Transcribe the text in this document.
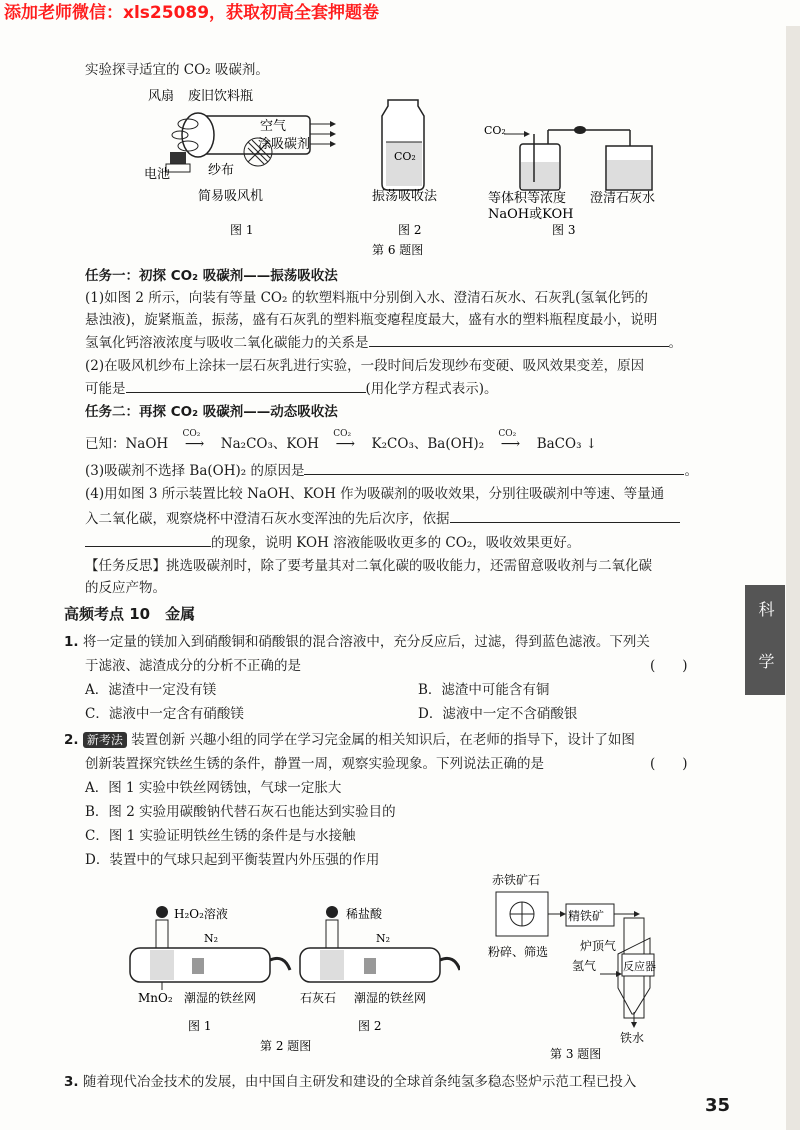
添加老师微信：xls25089，获取初高全套押题卷
实验探寻适宜的 CO₂ 吸碳剂。
风扇 废旧饮料瓶
空气
涂吸碳剂
纱布
电池
简易吸风机
CO₂
振荡吸收法
CO₂
等体积等浓度
NaOH或KOH
澄清石灰水
图 1	图 2	图 3
第 6 题图
任务一：初探 CO₂ 吸碳剂——振荡吸收法
(1)如图 2 所示，向装有等量 CO₂ 的软塑料瓶中分别倒入水、澄清石灰水、石灰乳(氢氧化钙的
悬浊液)，旋紧瓶盖，振荡，盛有石灰乳的塑料瓶变瘪程度最大，盛有水的塑料瓶程度最小，说明
氢氧化钙溶液浓度与吸收二氧化碳能力的关系是	。
(2)在吸风机纱布上涂抹一层石灰乳进行实验，一段时间后发现纱布变硬、吸风效果变差，原因
可能是	(用化学方程式表示)。
任务二：再探 CO₂ 吸碳剂——动态吸收法
已知：NaOH
CO₂
⟶ Na₂CO₃、KOH
CO₂
⟶ K₂CO₃、Ba(OH)₂
CO₂
⟶ BaCO₃ ↓
(3)吸碳剂不选择 Ba(OH)₂ 的原因是	。
(4)用如图 3 所示装置比较 NaOH、KOH 作为吸碳剂的吸收效果，分别往吸碳剂中等速、等量通
入二氧化碳，观察烧杯中澄清石灰水变浑浊的先后次序，依据
的现象，说明 KOH 溶液能吸收更多的 CO₂，吸收效果更好。
【任务反思】挑选吸碳剂时，除了要考量其对二氧化碳的吸收能力，还需留意吸收剂与二氧化碳
的反应产物。
高频考点 10　金属
1. 将一定量的镁加入到硝酸铜和硝酸银的混合溶液中，充分反应后，过滤，得到蓝色滤液。下列关
于滤液、滤渣成分的分析不正确的是	(　　)
A．滤渣中一定没有镁	B．滤渣中可能含有铜
C．滤液中一定含有硝酸镁	D．滤液中一定不含硝酸银
2. 新考法 装置创新 兴趣小组的同学在学习完金属的相关知识后，在老师的指导下，设计了如图
创新装置探究铁丝生锈的条件，静置一周，观察实验现象。下列说法正确的是	(　　)
A．图 1 实验中铁丝网锈蚀，气球一定胀大
B．图 2 实验用碳酸钠代替石灰石也能达到实验目的
C．图 1 实验证明铁丝生锈的条件是与水接触
D．装置中的气球只起到平衡装置内外压强的作用
H₂O₂溶液
N₂
MnO₂ 潮湿的铁丝网
稀盐酸
N₂
石灰石 潮湿的铁丝网
图 1	图 2
第 2 题图
赤铁矿石
粉碎、筛选
精铁矿
炉顶气
氢气 反应器
铁水
第 3 题图
3. 随着现代冶金技术的发展，由中国自主研发和建设的全球首条纯氢多稳态竖炉示范工程已投入
科　学
35
